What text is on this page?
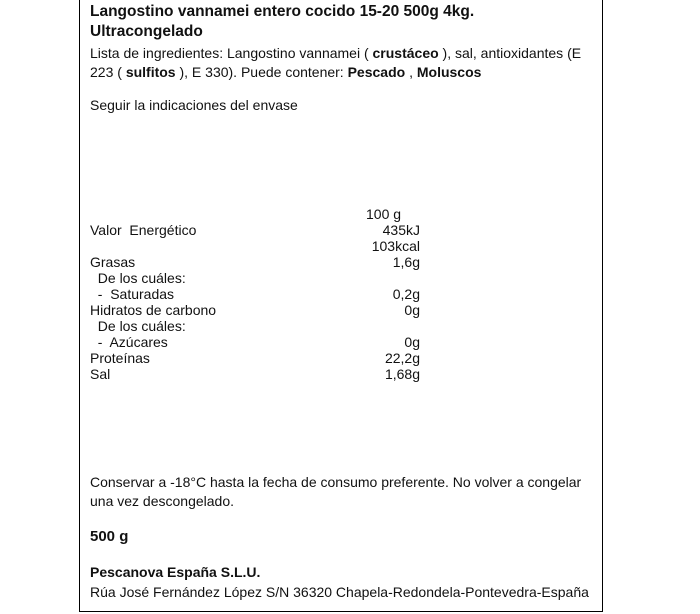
Langostino vannamei entero cocido 15-20 500g 4kg.
Ultracongelado
Lista de ingredientes: Langostino vannamei ( crustáceo ), sal, antioxidantes (E 223 ( sulfitos ), E 330). Puede contener: Pescado , Moluscos
Seguir la indicaciones del envase
100 g
Valor  Energético	435kJ
103kcal
Grasas	1,6g
De los cuáles:
-  Saturadas	0,2g
Hidratos de carbono	0g
De los cuáles:
-  Azúcares	0g
Proteínas	22,2g
Sal	1,68g
Conservar a -18°C hasta la fecha de consumo preferente. No volver a congelar una vez descongelado.
500 g
Pescanova España S.L.U.
Rúa José Fernández López S/N 36320 Chapela-Redondela-Pontevedra-España
